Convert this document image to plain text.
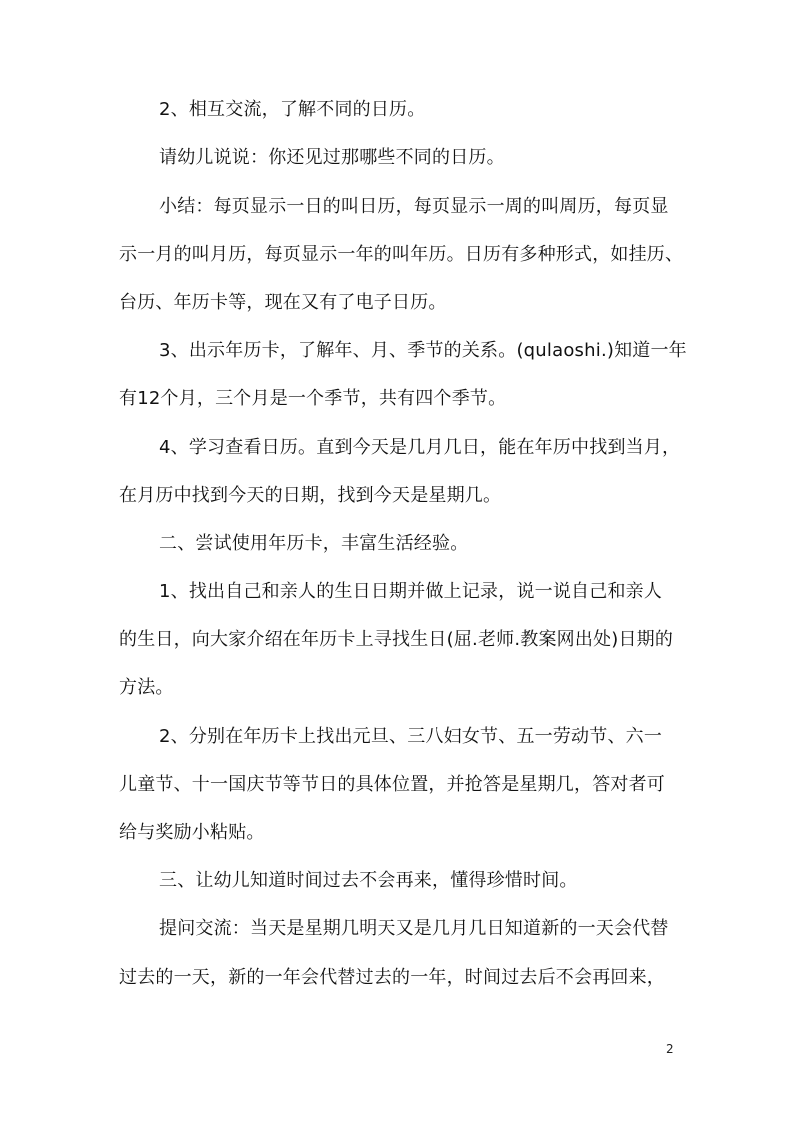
2、相互交流，了解不同的日历。
请幼儿说说：你还见过那哪些不同的日历。
小结：每页显示一日的叫日历，每页显示一周的叫周历，每页显
示一月的叫月历，每页显示一年的叫年历。日历有多种形式，如挂历、
台历、年历卡等，现在又有了电子日历。
3、出示年历卡，了解年、月、季节的关系。(qulaoshi.)知道一年
有12个月，三个月是一个季节，共有四个季节。
4、学习查看日历。直到今天是几月几日，能在年历中找到当月，
在月历中找到今天的日期，找到今天是星期几。
二、尝试使用年历卡，丰富生活经验。
1、找出自己和亲人的生日日期并做上记录，说一说自己和亲人
的生日，向大家介绍在年历卡上寻找生日(屈.老师.教案网出处)日期的
方法。
2、分别在年历卡上找出元旦、三八妇女节、五一劳动节、六一
儿童节、十一国庆节等节日的具体位置，并抢答是星期几，答对者可
给与奖励小粘贴。
三、让幼儿知道时间过去不会再来，懂得珍惜时间。
提问交流：当天是星期几明天又是几月几日知道新的一天会代替
过去的一天，新的一年会代替过去的一年，时间过去后不会再回来，
2
